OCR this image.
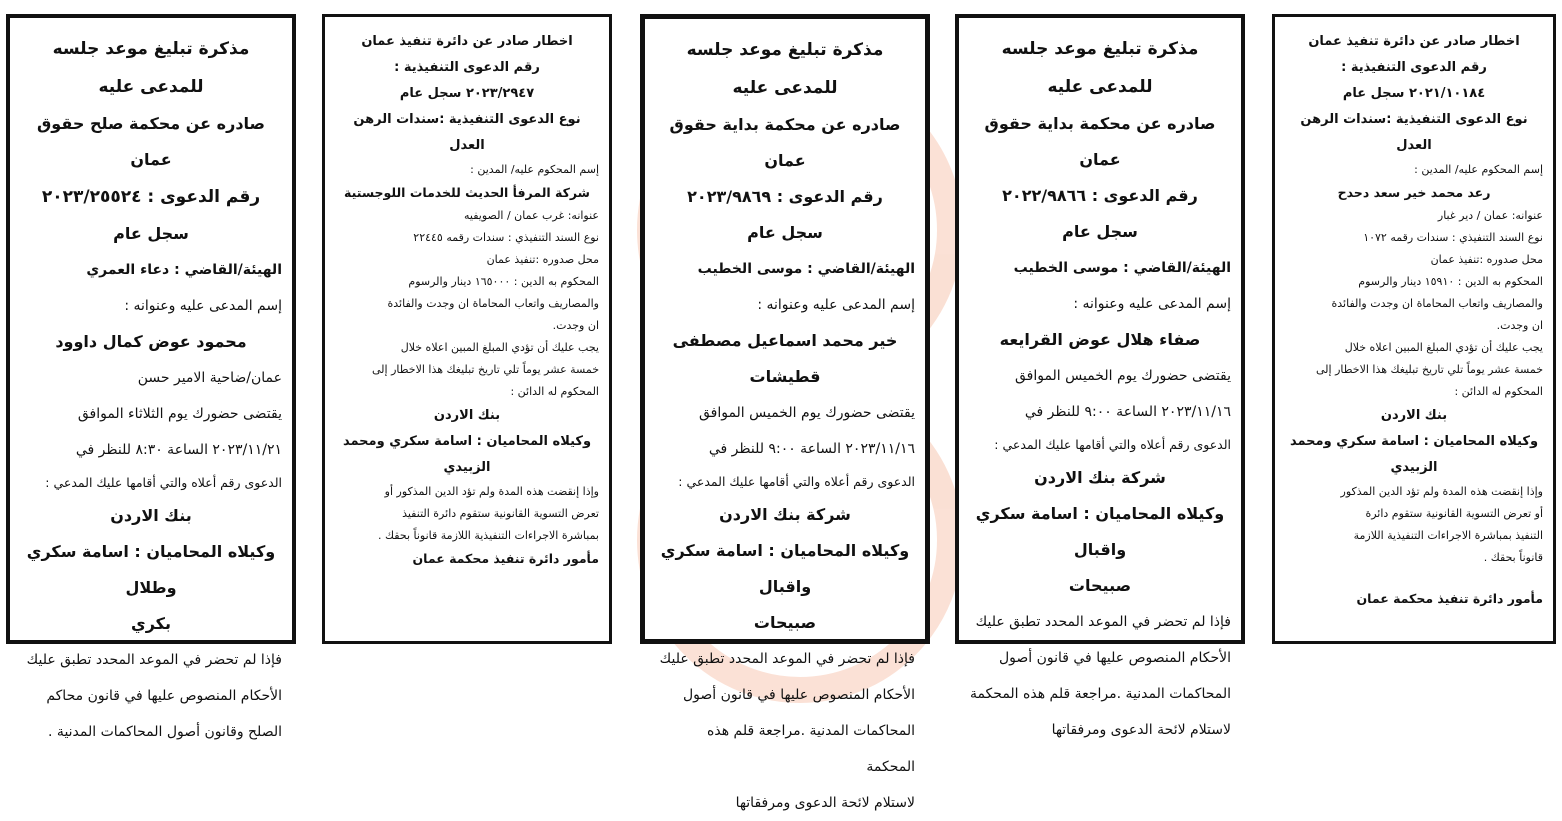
مذكرة تبليغ موعد جلسه للمدعى عليه
صادره عن محكمة صلح حقوق عمان
رقم الدعوى : ٢٠٢٣/٢٥٥٢٤
سجل عام
الهيئة/القاضي : دعاء العمري
إسم المدعى عليه وعنوانه :
محمود عوض كمال داوود
عمان/ضاحية الامير حسن
يقتضى حضورك يوم الثلاثاء الموافق
٢٠٢٣/١١/٢١ الساعة ٨:٣٠ للنظر في
الدعوى رقم أعلاه والتي أقامها عليك المدعي :
بنك الاردن
وكيلاه المحاميان : اسامة سكري وطلال
بكري
فإذا لم تحضر في الموعد المحدد تطبق عليك
الأحكام المنصوص عليها في قانون محاكم
الصلح وقانون أصول المحاكمات المدنية .
اخطار صادر عن دائرة تنفيذ عمان
رقم الدعوى التنفيذية :
٢٠٢٣/٢٩٤٧ سجل عام
نوع الدعوى التنفيذية :سندات الرهن العدل
إسم المحكوم عليه/ المدين :
شركة المرفأ الحديث للخدمات اللوجستية
عنوانه: غرب عمان / الصويفيه
نوع السند التنفيذي : سندات رقمه ٢٢٤٤٥
محل صدوره :تنفيذ عمان
المحكوم به الدين : ١٦٥٠٠٠ دينار والرسوم
والمصاريف واتعاب المحاماة ان وجدت والفائدة
ان وجدت.
يجب عليك أن تؤدي المبلغ المبين اعلاه خلال
خمسة عشر يوماً تلي تاريخ تبليغك هذا الاخطار إلى
المحكوم له الدائن :
بنك الاردن
وكيلاه المحاميان : اسامة سكري ومحمد
الزبيدي
وإذا إنقضت هذه المدة ولم تؤد الدين المذكور أو
تعرض التسوية القانونية ستقوم دائرة التنفيذ
بمباشرة الاجراءات التنفيذية اللازمة قانوناً بحقك .
مأمور دائرة تنفيذ محكمة عمان
مذكرة تبليغ موعد جلسه للمدعى عليه
صادره عن محكمة بداية حقوق عمان
رقم الدعوى : ٢٠٢٣/٩٨٦٩
سجل عام
الهيئة/القاضي : موسى الخطيب
إسم المدعى عليه وعنوانه :
خير محمد اسماعيل مصطفى قطيشات
يقتضى حضورك يوم الخميس الموافق
٢٠٢٣/١١/١٦ الساعة ٩:٠٠ للنظر في
الدعوى رقم أعلاه والتي أقامها عليك المدعي :
شركة بنك الاردن
وكيلاه المحاميان : اسامة سكري واقبال
صبيحات
فإذا لم تحضر في الموعد المحدد تطبق عليك
الأحكام المنصوص عليها في قانون أصول
المحاكمات المدنية .مراجعة قلم هذه المحكمة
لاستلام لائحة الدعوى ومرفقاتها
مذكرة تبليغ موعد جلسه للمدعى عليه
صادره عن محكمة بداية حقوق عمان
رقم الدعوى : ٢٠٢٢/٩٨٦٦
سجل عام
الهيئة/القاضي : موسى الخطيب
إسم المدعى عليه وعنوانه :
صفاء هلال عوض القرايعه
يقتضى حضورك يوم الخميس الموافق
٢٠٢٣/١١/١٦ الساعة ٩:٠٠ للنظر في
الدعوى رقم أعلاه والتي أقامها عليك المدعي :
شركة بنك الاردن
وكيلاه المحاميان : اسامة سكري واقبال
صبيحات
فإذا لم تحضر في الموعد المحدد تطبق عليك
الأحكام المنصوص عليها في قانون أصول
المحاكمات المدنية .مراجعة قلم هذه المحكمة
لاستلام لائحة الدعوى ومرفقاتها
اخطار صادر عن دائرة تنفيذ عمان
رقم الدعوى التنفيذية :
٢٠٢١/١٠١٨٤ سجل عام
نوع الدعوى التنفيذية :سندات الرهن العدل
إسم المحكوم عليه/ المدين :
رعد محمد خير سعد دحدح
عنوانه: عمان / دير غبار
نوع السند التنفيذي : سندات رقمه ١٠٧٢
محل صدوره :تنفيذ عمان
المحكوم به الدين : ١٥٩١٠ دينار والرسوم
والمصاريف واتعاب المحاماة ان وجدت والفائدة
ان وجدت.
يجب عليك أن تؤدي المبلغ المبين اعلاه خلال
خمسة عشر يوماً تلي تاريخ تبليغك هذا الاخطار إلى
المحكوم له الدائن :
بنك الاردن
وكيلاه المحاميان : اسامة سكري ومحمد
الزبيدي
وإذا إنقضت هذه المدة ولم تؤد الدين المذكور
أو تعرض التسوية القانونية ستقوم دائرة
التنفيذ بمباشرة الاجراءات التنفيذية اللازمة
قانوناً بحقك .
مأمور دائرة تنفيذ محكمة عمان
